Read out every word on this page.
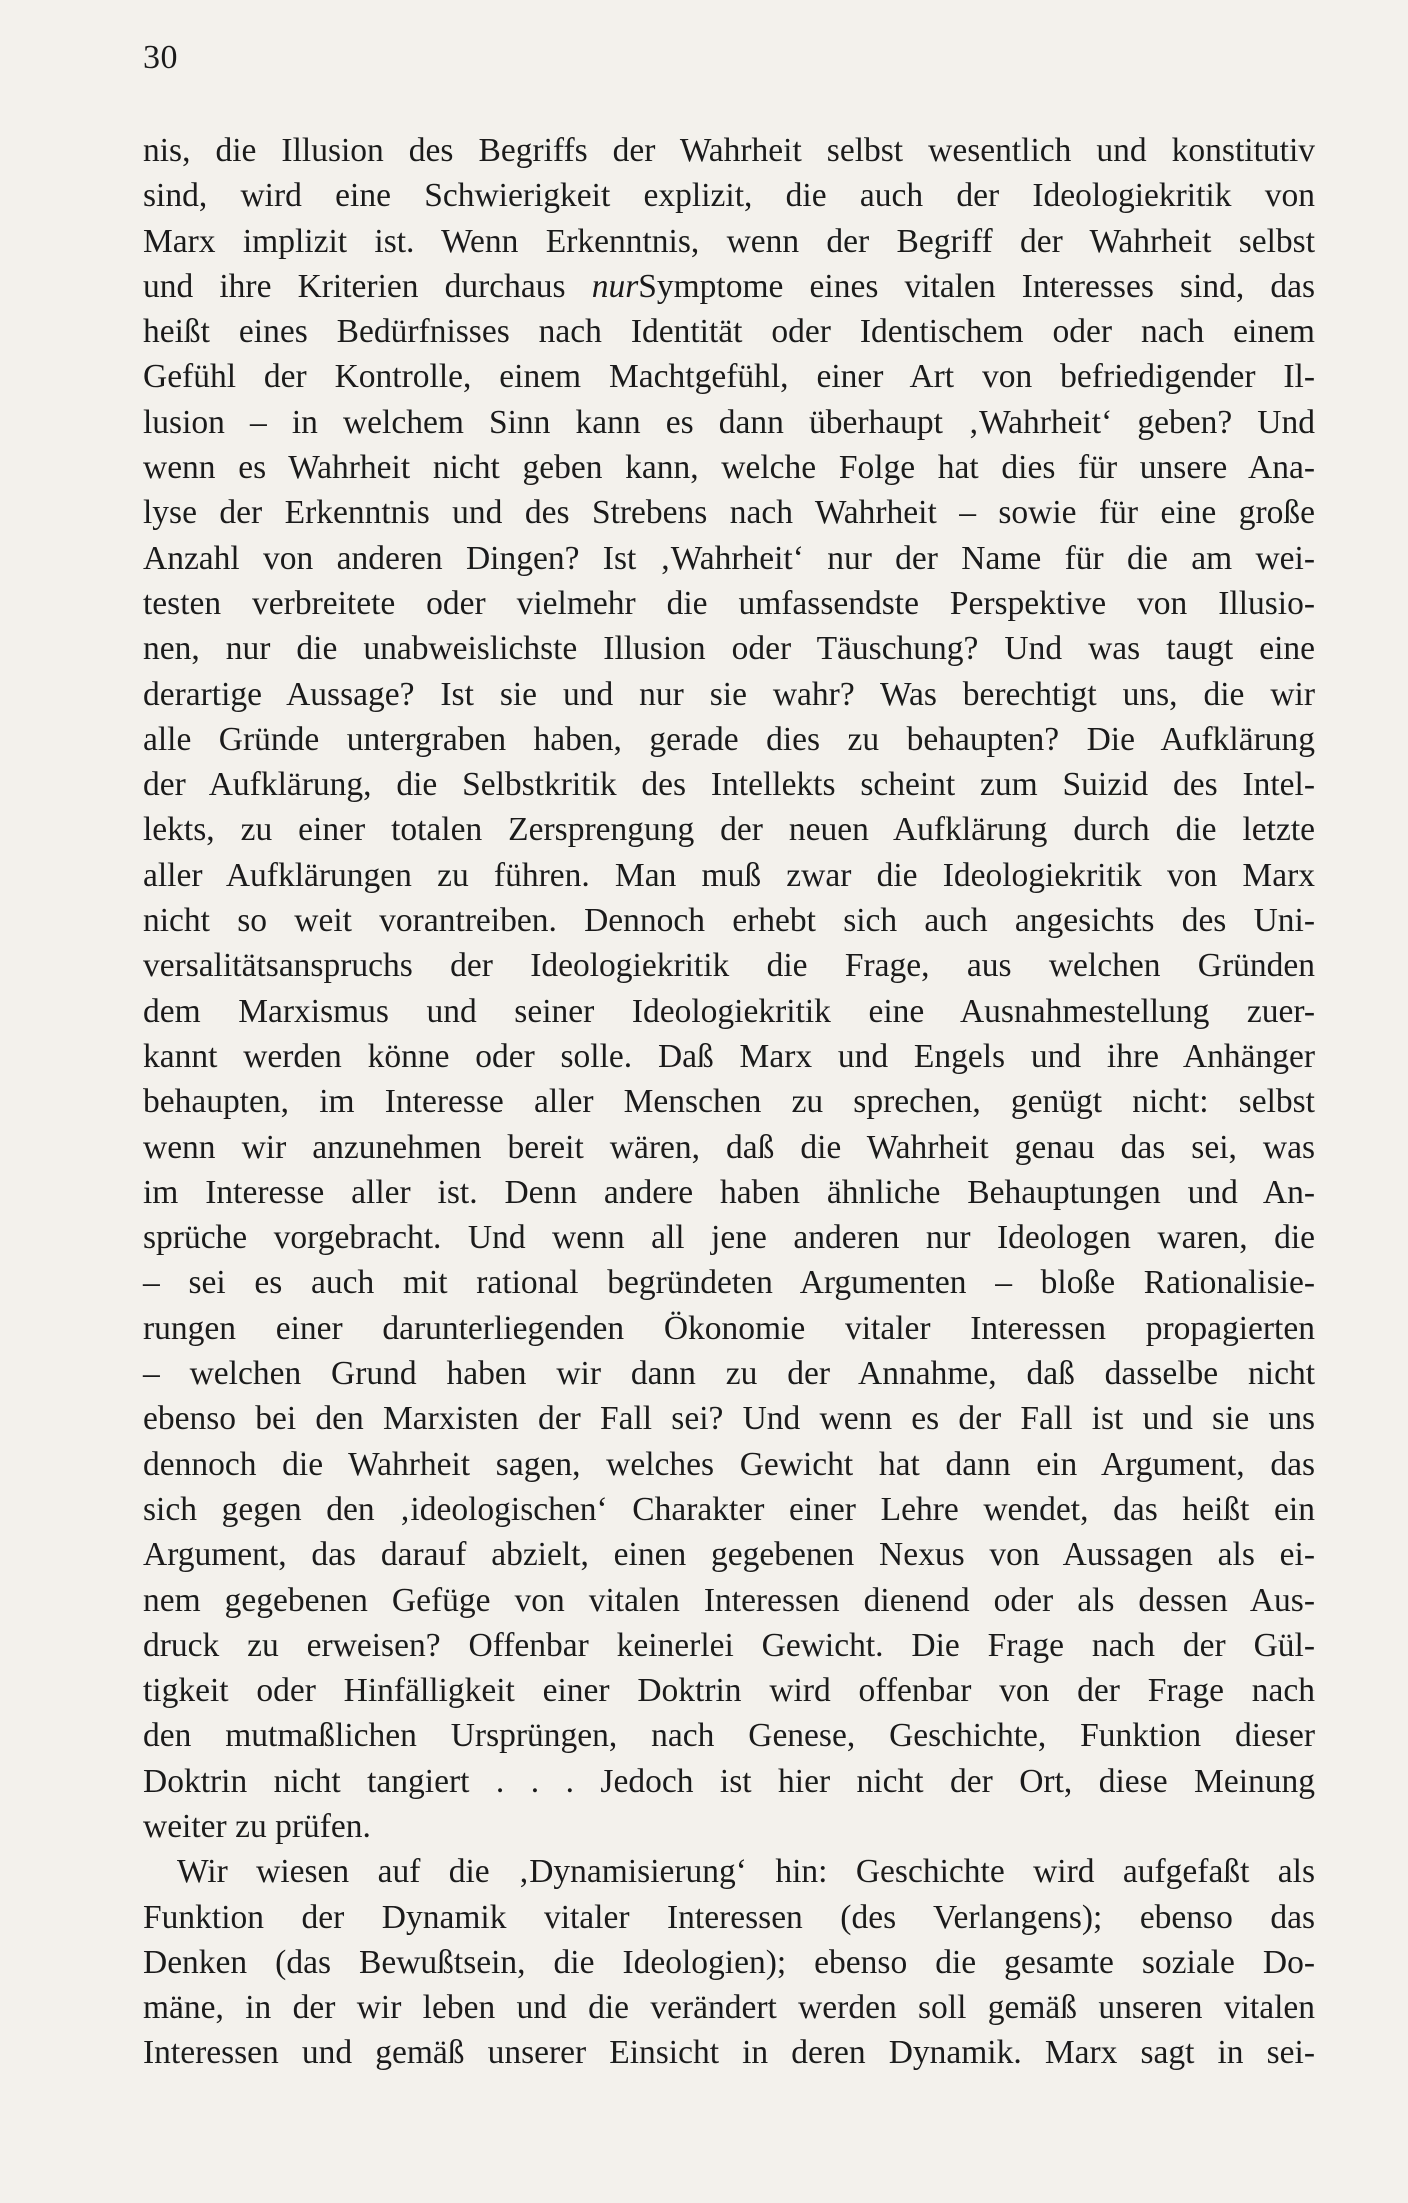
30
nis, die Illusion des Begriffs der Wahrheit selbst wesentlich und konstitutiv
sind, wird eine Schwierigkeit explizit, die auch der Ideologiekritik von
Marx implizit ist. Wenn Erkenntnis, wenn der Begriff der Wahrheit selbst
und ihre Kriterien durchaus nurSymptome eines vitalen Interesses sind, das
heißt eines Bedürfnisses nach Identität oder Identischem oder nach einem
Gefühl der Kontrolle, einem Machtgefühl, einer Art von befriedigender Il-
lusion – in welchem Sinn kann es dann überhaupt ‚Wahrheit‘ geben? Und
wenn es Wahrheit nicht geben kann, welche Folge hat dies für unsere Ana-
lyse der Erkenntnis und des Strebens nach Wahrheit – sowie für eine große
Anzahl von anderen Dingen? Ist ‚Wahrheit‘ nur der Name für die am wei-
testen verbreitete oder vielmehr die umfassendste Perspektive von Illusio-
nen, nur die unabweislichste Illusion oder Täuschung? Und was taugt eine
derartige Aussage? Ist sie und nur sie wahr? Was berechtigt uns, die wir
alle Gründe untergraben haben, gerade dies zu behaupten? Die Aufklärung
der Aufklärung, die Selbstkritik des Intellekts scheint zum Suizid des Intel-
lekts, zu einer totalen Zersprengung der neuen Aufklärung durch die letzte
aller Aufklärungen zu führen. Man muß zwar die Ideologiekritik von Marx
nicht so weit vorantreiben. Dennoch erhebt sich auch angesichts des Uni-
versalitätsanspruchs der Ideologiekritik die Frage, aus welchen Gründen
dem Marxismus und seiner Ideologiekritik eine Ausnahmestellung zuer-
kannt werden könne oder solle. Daß Marx und Engels und ihre Anhänger
behaupten, im Interesse aller Menschen zu sprechen, genügt nicht: selbst
wenn wir anzunehmen bereit wären, daß die Wahrheit genau das sei, was
im Interesse aller ist. Denn andere haben ähnliche Behauptungen und An-
sprüche vorgebracht. Und wenn all jene anderen nur Ideologen waren, die
– sei es auch mit rational begründeten Argumenten – bloße Rationalisie-
rungen einer darunterliegenden Ökonomie vitaler Interessen propagierten
– welchen Grund haben wir dann zu der Annahme, daß dasselbe nicht
ebenso bei den Marxisten der Fall sei? Und wenn es der Fall ist und sie uns
dennoch die Wahrheit sagen, welches Gewicht hat dann ein Argument, das
sich gegen den ‚ideologischen‘ Charakter einer Lehre wendet, das heißt ein
Argument, das darauf abzielt, einen gegebenen Nexus von Aussagen als ei-
nem gegebenen Gefüge von vitalen Interessen dienend oder als dessen Aus-
druck zu erweisen? Offenbar keinerlei Gewicht. Die Frage nach der Gül-
tigkeit oder Hinfälligkeit einer Doktrin wird offenbar von der Frage nach
den mutmaßlichen Ursprüngen, nach Genese, Geschichte, Funktion dieser
Doktrin nicht tangiert . . . Jedoch ist hier nicht der Ort, diese Meinung
weiter zu prüfen.
Wir wiesen auf die ‚Dynamisierung‘ hin: Geschichte wird aufgefaßt als
Funktion der Dynamik vitaler Interessen (des Verlangens); ebenso das
Denken (das Bewußtsein, die Ideologien); ebenso die gesamte soziale Do-
mäne, in der wir leben und die verändert werden soll gemäß unseren vitalen
Interessen und gemäß unserer Einsicht in deren Dynamik. Marx sagt in sei-
